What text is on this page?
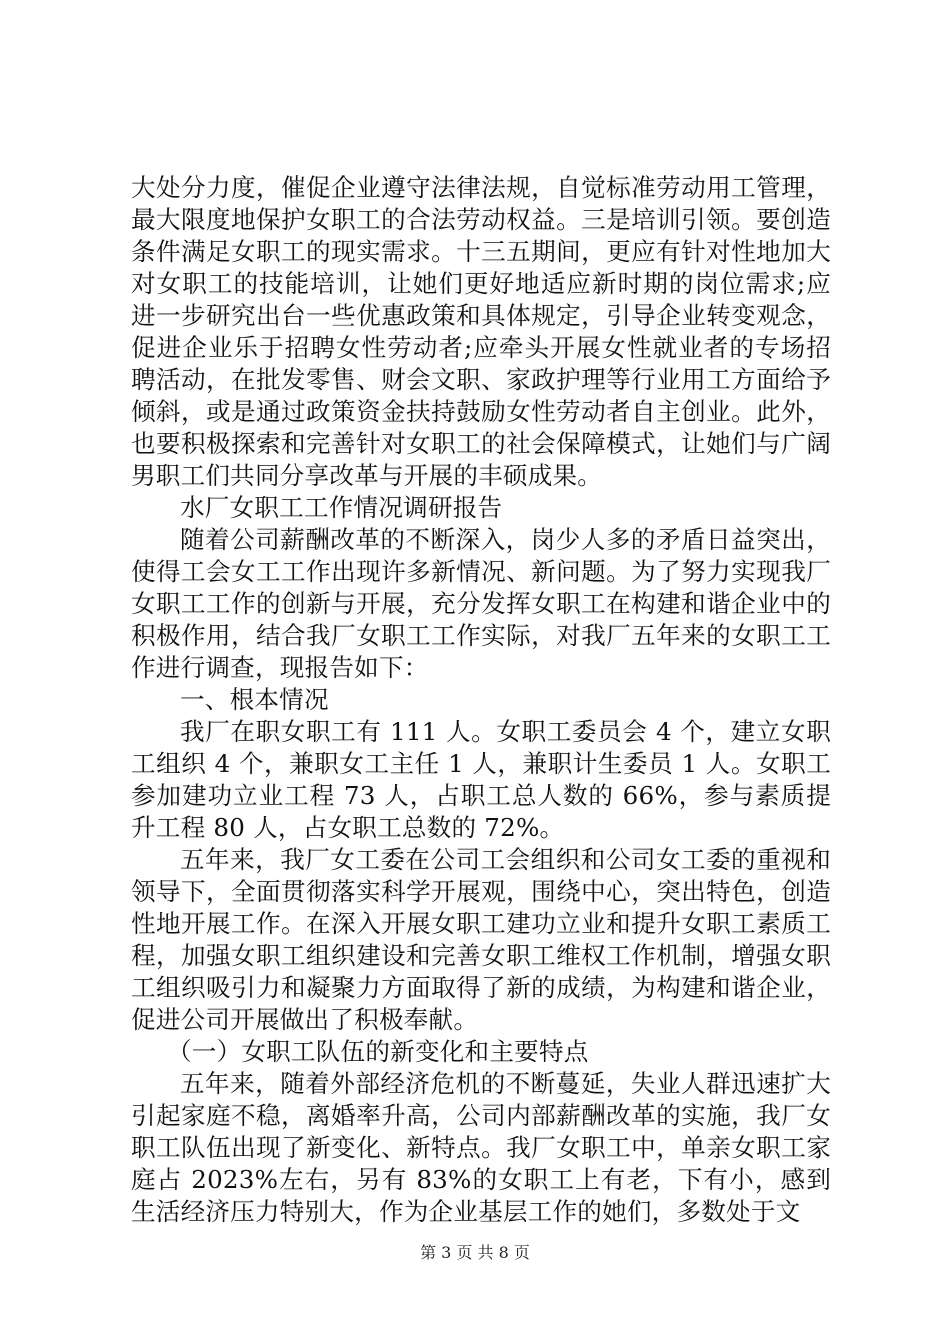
大处分力度，催促企业遵守法律法规，自觉标准劳动用工管理，最大限度地保护女职工的合法劳动权益。三是培训引领。要创造条件满足女职工的现实需求。十三五期间，更应有针对性地加大对女职工的技能培训，让她们更好地适应新时期的岗位需求;应进一步研究出台一些优惠政策和具体规定，引导企业转变观念，促进企业乐于招聘女性劳动者;应牵头开展女性就业者的专场招聘活动，在批发零售、财会文职、家政护理等行业用工方面给予倾斜，或是通过政策资金扶持鼓励女性劳动者自主创业。此外，也要积极探索和完善针对女职工的社会保障模式，让她们与广阔男职工们共同分享改革与开展的丰硕成果。

水厂女职工工作情况调研报告

随着公司薪酬改革的不断深入，岗少人多的矛盾日益突出，使得工会女工工作出现许多新情况、新问题。为了努力实现我厂女职工工作的创新与开展，充分发挥女职工在构建和谐企业中的积极作用，结合我厂女职工工作实际，对我厂五年来的女职工工作进行调查，现报告如下：

一、根本情况

我厂在职女职工有 111 人。女职工委员会 4 个，建立女职工组织 4 个，兼职女工主任 1 人，兼职计生委员 1 人。女职工参加建功立业工程 73 人，占职工总人数的 66%，参与素质提升工程 80 人，占女职工总数的 72%。

五年来，我厂女工委在公司工会组织和公司女工委的重视和领导下，全面贯彻落实科学开展观，围绕中心，突出特色，创造性地开展工作。在深入开展女职工建功立业和提升女职工素质工程，加强女职工组织建设和完善女职工维权工作机制，增强女职工组织吸引力和凝聚力方面取得了新的成绩，为构建和谐企业，促进公司开展做出了积极奉献。

（一）女职工队伍的新变化和主要特点

五年来，随着外部经济危机的不断蔓延，失业人群迅速扩大引起家庭不稳，离婚率升高，公司内部薪酬改革的实施，我厂女职工队伍出现了新变化、新特点。我厂女职工中，单亲女职工家庭占 2023%左右，另有 83%的女职工上有老，下有小，感到生活经济压力特别大，作为企业基层工作的她们，多数处于文

第 3 页 共 8 页
